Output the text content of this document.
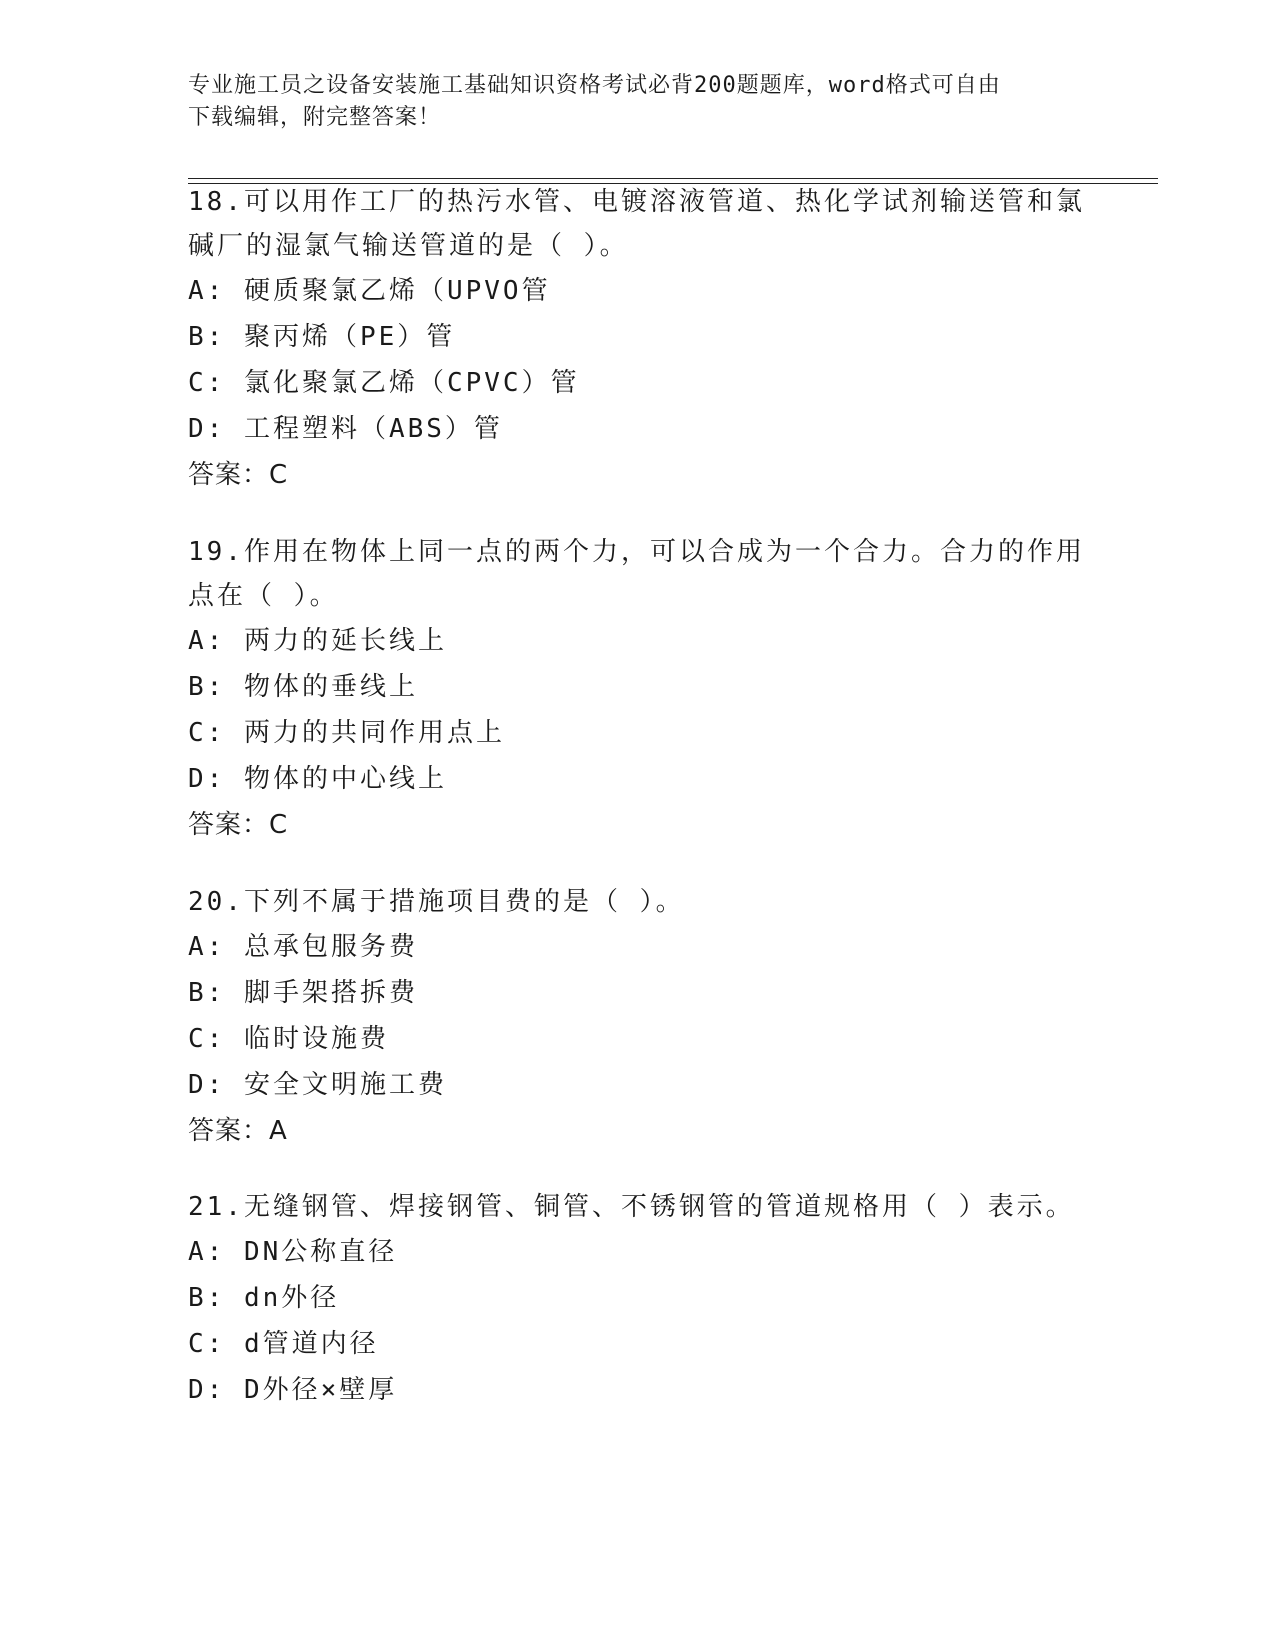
专业施工员之设备安装施工基础知识资格考试必背200题题库，word格式可自由
下载编辑，附完整答案！

18.可以用作工厂的热污水管、电镀溶液管道、热化学试剂输送管和氯

碱厂的湿氯气输送管道的是（ ）。

A: 硬质聚氯乙烯（UPVO管

B: 聚丙烯（PE）管

C: 氯化聚氯乙烯（CPVC）管

D: 工程塑料（ABS）管

答案：C

19.作用在物体上同一点的两个力，可以合成为一个合力。合力的作用

点在（ ）。

A: 两力的延长线上

B: 物体的垂线上

C: 两力的共同作用点上

D: 物体的中心线上

答案：C

20.下列不属于措施项目费的是（ ）。

A: 总承包服务费

B: 脚手架搭拆费

C: 临时设施费

D: 安全文明施工费

答案：A

21.无缝钢管、焊接钢管、铜管、不锈钢管的管道规格用（ ）表示。

A: DN公称直径

B: dn外径

C: d管道内径

D: D外径×壁厚
